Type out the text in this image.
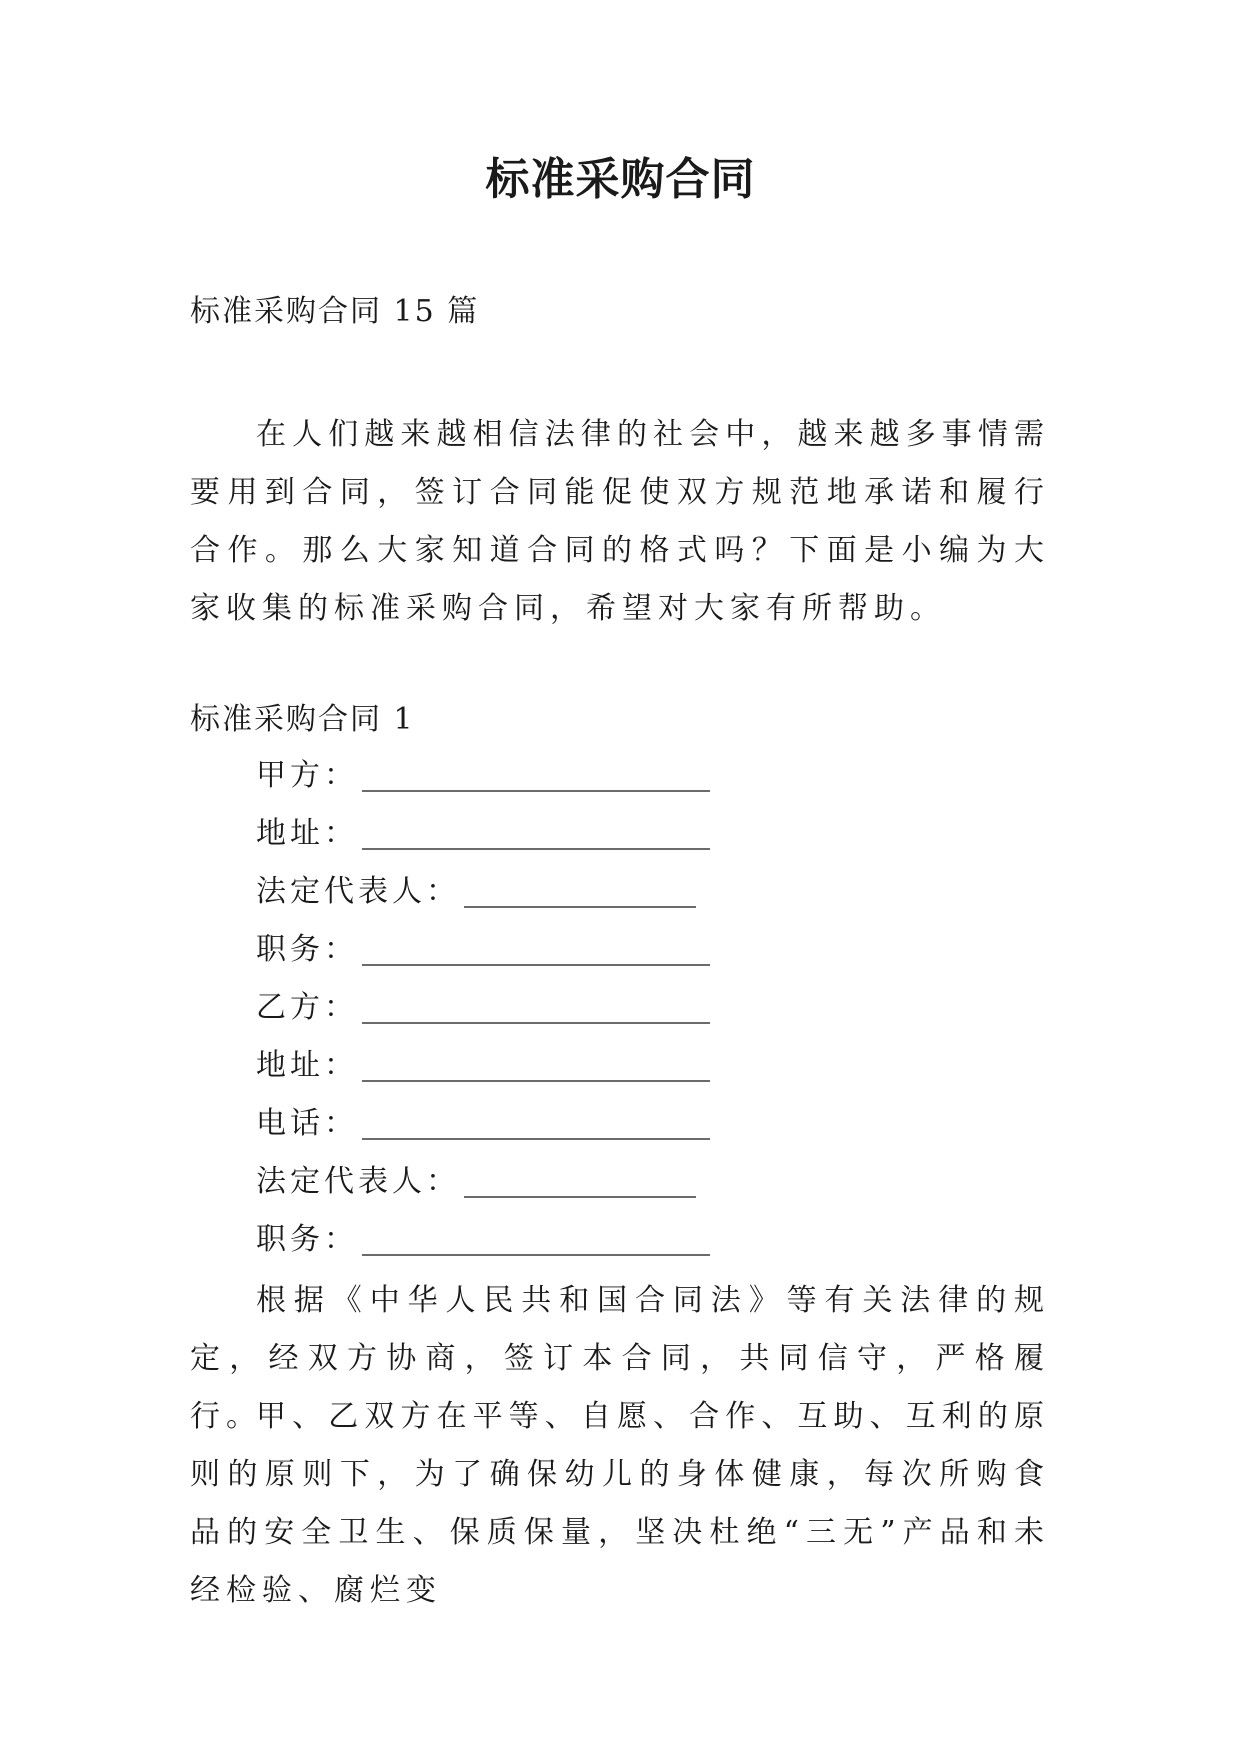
标准采购合同
标准采购合同 15 篇
在人们越来越相信法律的社会中，越来越多事情需要用到合同，签订合同能促使双方规范地承诺和履行合作。那么大家知道合同的格式吗？下面是小编为大家收集的标准采购合同，希望对大家有所帮助。
标准采购合同 1
甲方：
地址：
法定代表人：
职务：
乙方：
地址：
电话：
法定代表人：
职务：
根据《中华人民共和国合同法》等有关法律的规定，经双方协商，签订本合同，共同信守，严格履行。
甲、乙双方在平等、自愿、合作、互助、互利的原则的原则下，为了确保幼儿的身体健康，每次所购食品的安全卫生、保质保量，坚决杜绝“三无”产品和未经检验、腐烂变
